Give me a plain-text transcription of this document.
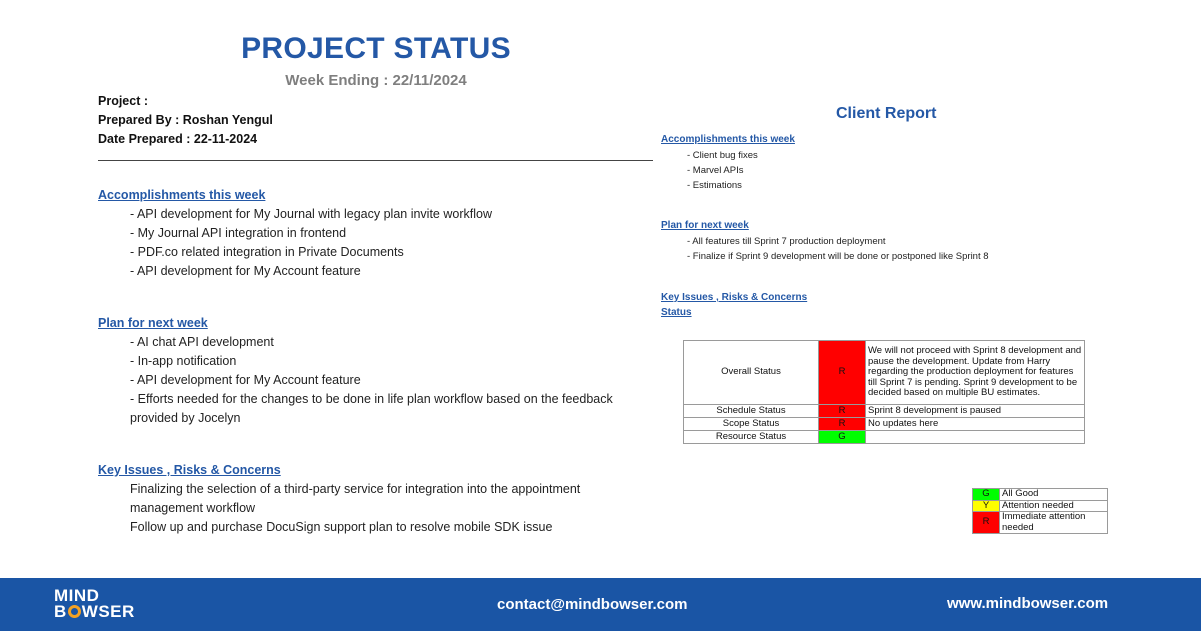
PROJECT STATUS
Week Ending : 22/11/2024
Project :
Prepared By : Roshan Yengul
Date Prepared : 22-11-2024
Accomplishments this week
- API development for My Journal with legacy plan invite workflow
- My Journal API integration in frontend
- PDF.co related integration in Private Documents
- API development for My Account feature
Plan for next week
- AI chat API development
- In-app notification
- API development for My Account feature
- Efforts needed for the changes to be done in life plan workflow based on the feedback
provided by Jocelyn
Key Issues , Risks & Concerns
Finalizing the selection of a third-party service for integration into the appointment
management workflow
Follow up and purchase DocuSign support plan to resolve mobile SDK issue
Client Report
Accomplishments this week
- Client bug fixes
- Marvel APIs
- Estimations
Plan for next week
- All features till Sprint 7 production deployment
- Finalize if Sprint 9 development will be done or postponed like Sprint 8
Key Issues , Risks & Concerns
Status
Overall Status	R	We will not proceed with Sprint 8 development and pause the development. Update from Harry regarding the production deployment for features till Sprint 7 is pending. Sprint 9 development to be decided based on multiple BU estimates.
Schedule Status	R	Sprint 8 development is paused
Scope Status	R	No updates here
Resource Status	G	
G	All Good
Y	Attention needed
R	Immediate attention needed
MIND
B WSER	contact@mindbowser.com	www.mindbowser.com
